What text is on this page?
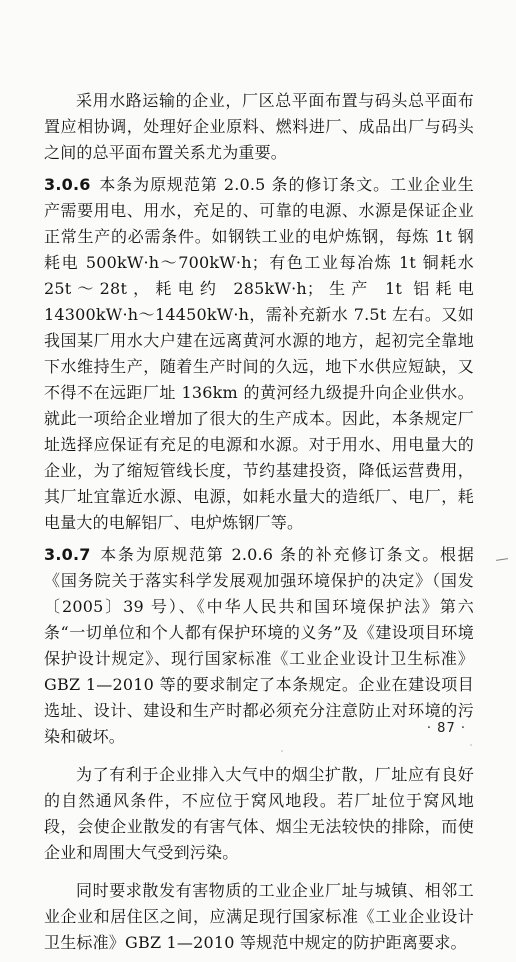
采用水路运输的企业，厂区总平面布置与码头总平面布置应相协调，处理好企业原料、燃料进厂、成品出厂与码头之间的总平面布置关系尤为重要。

3.0.6 本条为原规范第 2.0.5 条的修订条文。工业企业生产需要用电、用水，充足的、可靠的电源、水源是保证企业正常生产的必需条件。如钢铁工业的电炉炼钢，每炼 1t 钢耗电 500kW·h～700kW·h；有色工业每冶炼 1t 铜耗水 25t～28t，耗电约 285kW·h；生产 1t 铝耗电 14300kW·h～14450kW·h，需补充新水 7.5t 左右。又如我国某厂用水大户建在远离黄河水源的地方，起初完全靠地下水维持生产，随着生产时间的久远，地下水供应短缺，又不得不在远距厂址 136km 的黄河经九级提升向企业供水。就此一项给企业增加了很大的生产成本。因此，本条规定厂址选择应保证有充足的电源和水源。对于用水、用电量大的企业，为了缩短管线长度，节约基建投资，降低运营费用，其厂址宜靠近水源、电源，如耗水量大的造纸厂、电厂，耗电量大的电解铝厂、电炉炼钢厂等。

3.0.7 本条为原规范第 2.0.6 条的补充修订条文。根据《国务院关于落实科学发展观加强环境保护的决定》（国发〔2005〕39 号）、《中华人民共和国环境保护法》第六条“一切单位和个人都有保护环境的义务”及《建设项目环境保护设计规定》、现行国家标准《工业企业设计卫生标准》GBZ 1—2010 等的要求制定了本条规定。企业在建设项目选址、设计、建设和生产时都必须充分注意防止对环境的污染和破坏。

为了有利于企业排入大气中的烟尘扩散，厂址应有良好的自然通风条件，不应位于窝风地段。若厂址位于窝风地段，会使企业散发的有害气体、烟尘无法较快的排除，而使企业和周围大气受到污染。

同时要求散发有害物质的工业企业厂址与城镇、相邻工业企业和居住区之间，应满足现行国家标准《工业企业设计卫生标准》GBZ 1—2010 等规范中规定的防护距离要求。

· 87 ·
